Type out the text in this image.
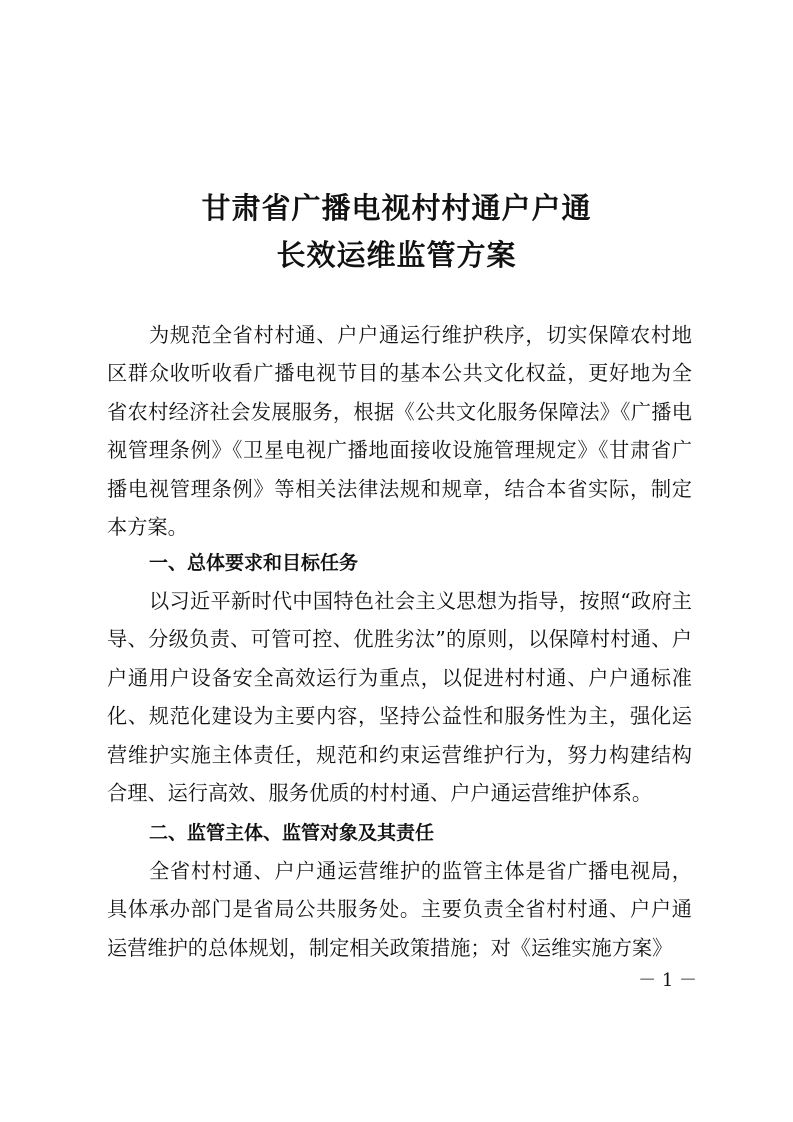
甘肃省广播电视村村通户户通
长效运维监管方案

为规范全省村村通、户户通运行维护秩序，切实保障农村地区群众收听收看广播电视节目的基本公共文化权益，更好地为全省农村经济社会发展服务，根据《公共文化服务保障法》《广播电视管理条例》《卫星电视广播地面接收设施管理规定》《甘肃省广播电视管理条例》等相关法律法规和规章，结合本省实际，制定本方案。

一、总体要求和目标任务

以习近平新时代中国特色社会主义思想为指导，按照“政府主导、分级负责、可管可控、优胜劣汰”的原则，以保障村村通、户户通用户设备安全高效运行为重点，以促进村村通、户户通标准化、规范化建设为主要内容，坚持公益性和服务性为主，强化运营维护实施主体责任，规范和约束运营维护行为，努力构建结构合理、运行高效、服务优质的村村通、户户通运营维护体系。

二、监管主体、监管对象及其责任

全省村村通、户户通运营维护的监管主体是省广播电视局，具体承办部门是省局公共服务处。主要负责全省村村通、户户通运营维护的总体规划，制定相关政策措施；对《运维实施方案》

－ 1 －
